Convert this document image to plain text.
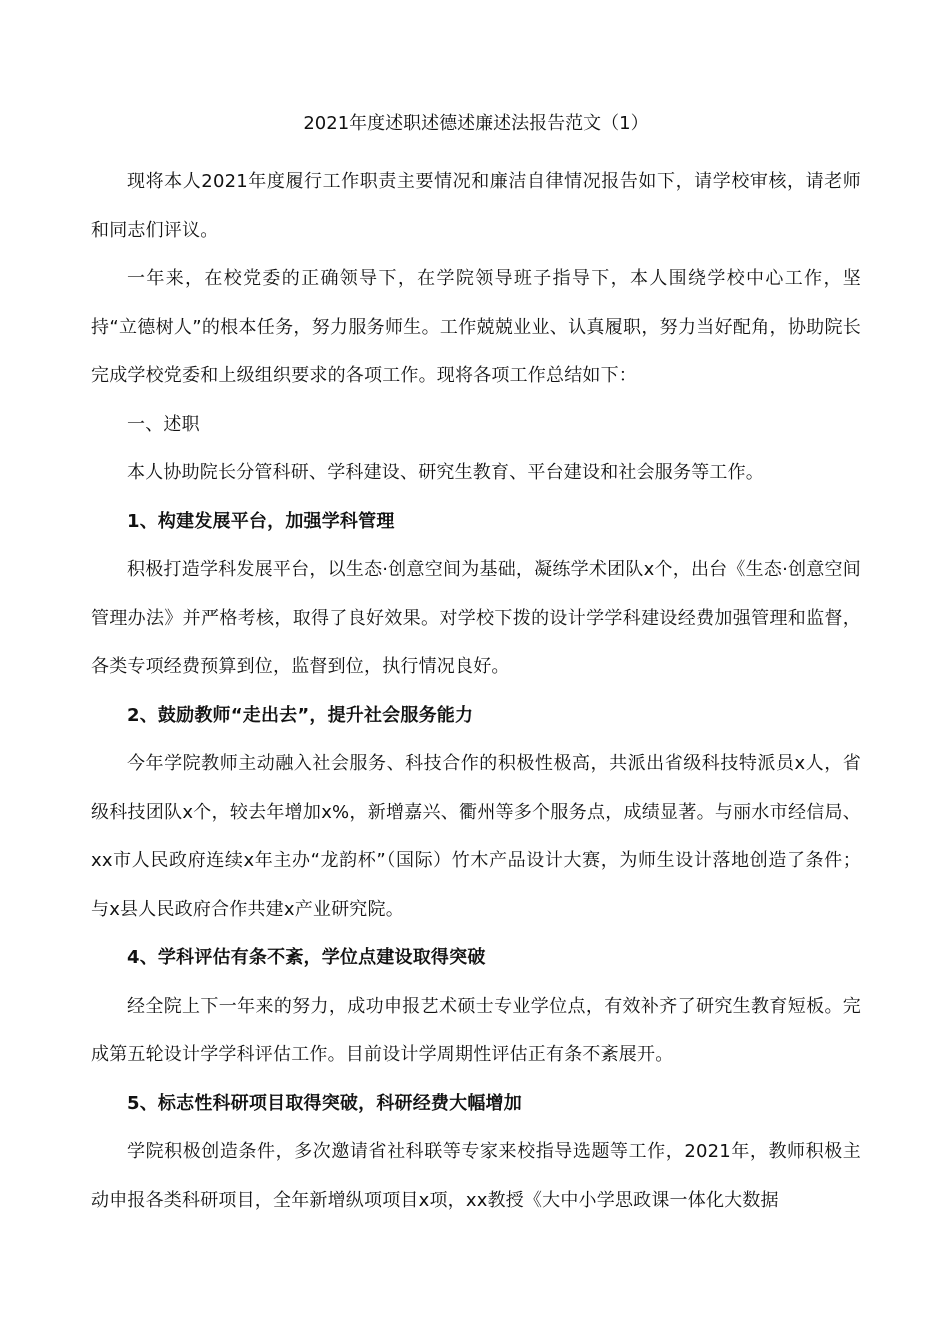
2021年度述职述德述廉述法报告范文（1）

现将本人2021年度履行工作职责主要情况和廉洁自律情况报告如下，请学校审核，请老师和同志们评议。

一年来，在校党委的正确领导下，在学院领导班子指导下，本人围绕学校中心工作，坚持“立德树人”的根本任务，努力服务师生。工作兢兢业业、认真履职，努力当好配角，协助院长完成学校党委和上级组织要求的各项工作。现将各项工作总结如下：

一、述职

本人协助院长分管科研、学科建设、研究生教育、平台建设和社会服务等工作。

1、构建发展平台，加强学科管理

积极打造学科发展平台，以生态·创意空间为基础，凝练学术团队x个，出台《生态·创意空间管理办法》并严格考核，取得了良好效果。对学校下拨的设计学学科建设经费加强管理和监督，各类专项经费预算到位，监督到位，执行情况良好。

2、鼓励教师“走出去”，提升社会服务能力

今年学院教师主动融入社会服务、科技合作的积极性极高，共派出省级科技特派员x人，省级科技团队x个，较去年增加x%，新增嘉兴、衢州等多个服务点，成绩显著。与丽水市经信局、xx市人民政府连续x年主办“龙韵杯”（国际）竹木产品设计大赛，为师生设计落地创造了条件；与x县人民政府合作共建x产业研究院。

4、学科评估有条不紊，学位点建设取得突破

经全院上下一年来的努力，成功申报艺术硕士专业学位点，有效补齐了研究生教育短板。完成第五轮设计学学科评估工作。目前设计学周期性评估正有条不紊展开。

5、标志性科研项目取得突破，科研经费大幅增加

学院积极创造条件，多次邀请省社科联等专家来校指导选题等工作，2021年，教师积极主动申报各类科研项目，全年新增纵项项目x项，xx教授《大中小学思政课一体化大数据
